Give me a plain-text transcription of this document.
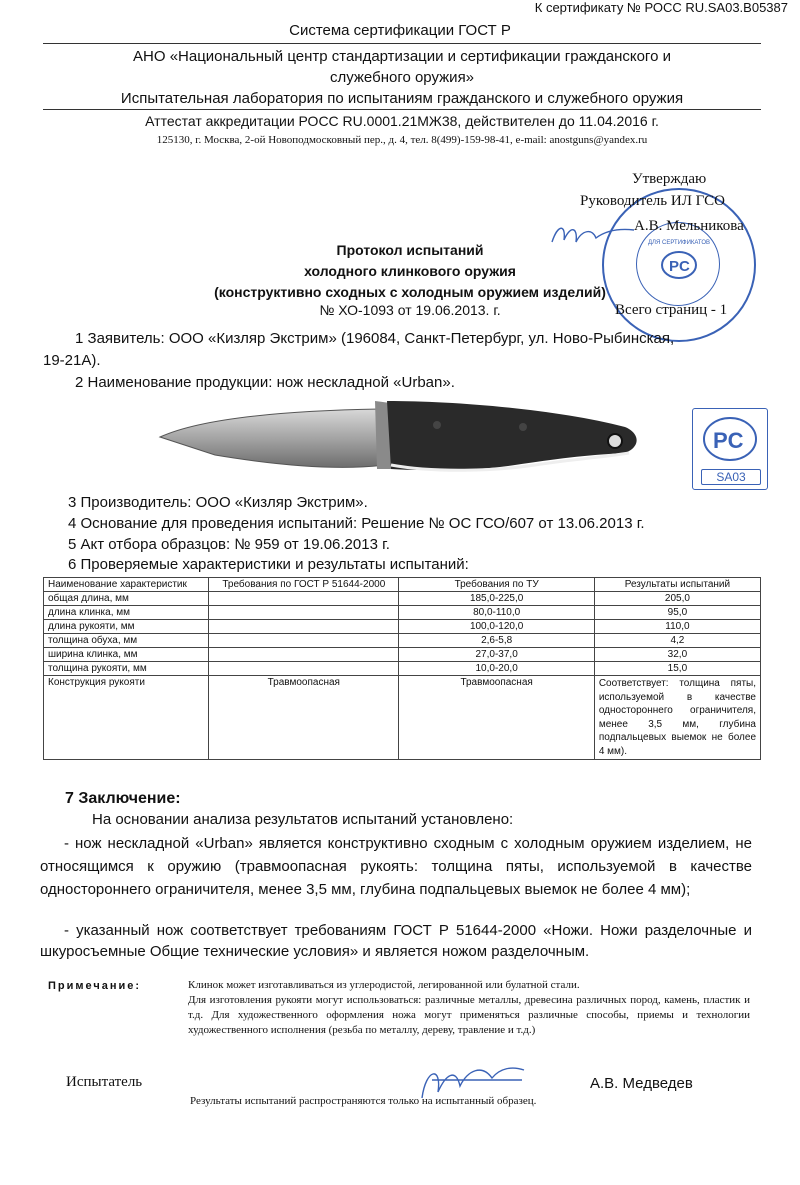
К сертификату № РОСС RU.SA03.B05387
Система сертификации ГОСТ Р
АНО «Национальный центр стандартизации и сертификации гражданского и
служебного оружия»
Испытательная лаборатория по испытаниям гражданского и служебного оружия
Аттестат аккредитации РОСС RU.0001.21МЖ38, действителен до 11.04.2016 г.
125130, г. Москва, 2-ой Новоподмосковный пер., д. 4, тел. 8(499)-159-98-41, e-mail: anostguns@yandex.ru
ДЛЯ СЕРТИФИКАТОВ
PC
Утверждаю
Руководитель ИЛ ГСО
А.В. Мельникова
Протокол испытаний
холодного клинкового оружия
(конструктивно сходных с холодным оружием изделий)
№ ХО-1093 от 19.06.2013. г.	Всего страниц - 1
1 Заявитель: ООО «Кизляр Экстрим» (196084, Санкт-Петербург, ул. Ново-Рыбинская,
19-21А).
2 Наименование продукции: нож нескладной «Urban».
PC
SA03
3 Производитель: ООО «Кизляр Экстрим».
4 Основание для проведения испытаний: Решение № ОС ГСО/607 от 13.06.2013 г.
5 Акт отбора образцов: № 959 от 19.06.2013 г.
6 Проверяемые характеристики и результаты испытаний:
Наименование характеристик	Требования по ГОСТ Р 51644-2000	Требования по ТУ	Результаты испытаний
общая длина, мм		185,0-225,0	205,0
длина клинка, мм		80,0-110,0	95,0
длина рукояти, мм		100,0-120,0	110,0
толщина обуха, мм		2,6-5,8	4,2
ширина клинка, мм		27,0-37,0	32,0
толщина рукояти, мм		10,0-20,0	15,0
Конструкция рукояти	Травмоопасная	Травмоопасная	Соответствует: толщина пяты, используемой в качестве одностороннего ограничителя, менее 3,5 мм, глубина подпальцевых выемок не более 4 мм).
7 Заключение:
На основании анализа результатов испытаний установлено:
- нож нескладной «Urban» является конструктивно сходным с холодным оружием изделием, не относящимся к оружию (травмоопасная рукоять: толщина пяты, используемой в качестве одностороннего ограничителя, менее 3,5 мм, глубина подпальцевых выемок не более 4 мм);
- указанный нож соответствует требованиям ГОСТ Р 51644-2000 «Ножи. Ножи разделочные и шкуросъемные Общие технические условия» и является ножом разделочным.
Примечание:	Клинок может изготавливаться из углеродистой, легированной или булатной стали.
Для изготовления рукояти могут использоваться: различные металлы, древесина различных пород, камень, пластик и т.д. Для художественного оформления ножа могут применяться различные способы, приемы и технологии художественного исполнения (резьба по металлу, дереву, травление и т.д.)
Испытатель	А.В. Медведев
Результаты испытаний распространяются только на испытанный образец.
